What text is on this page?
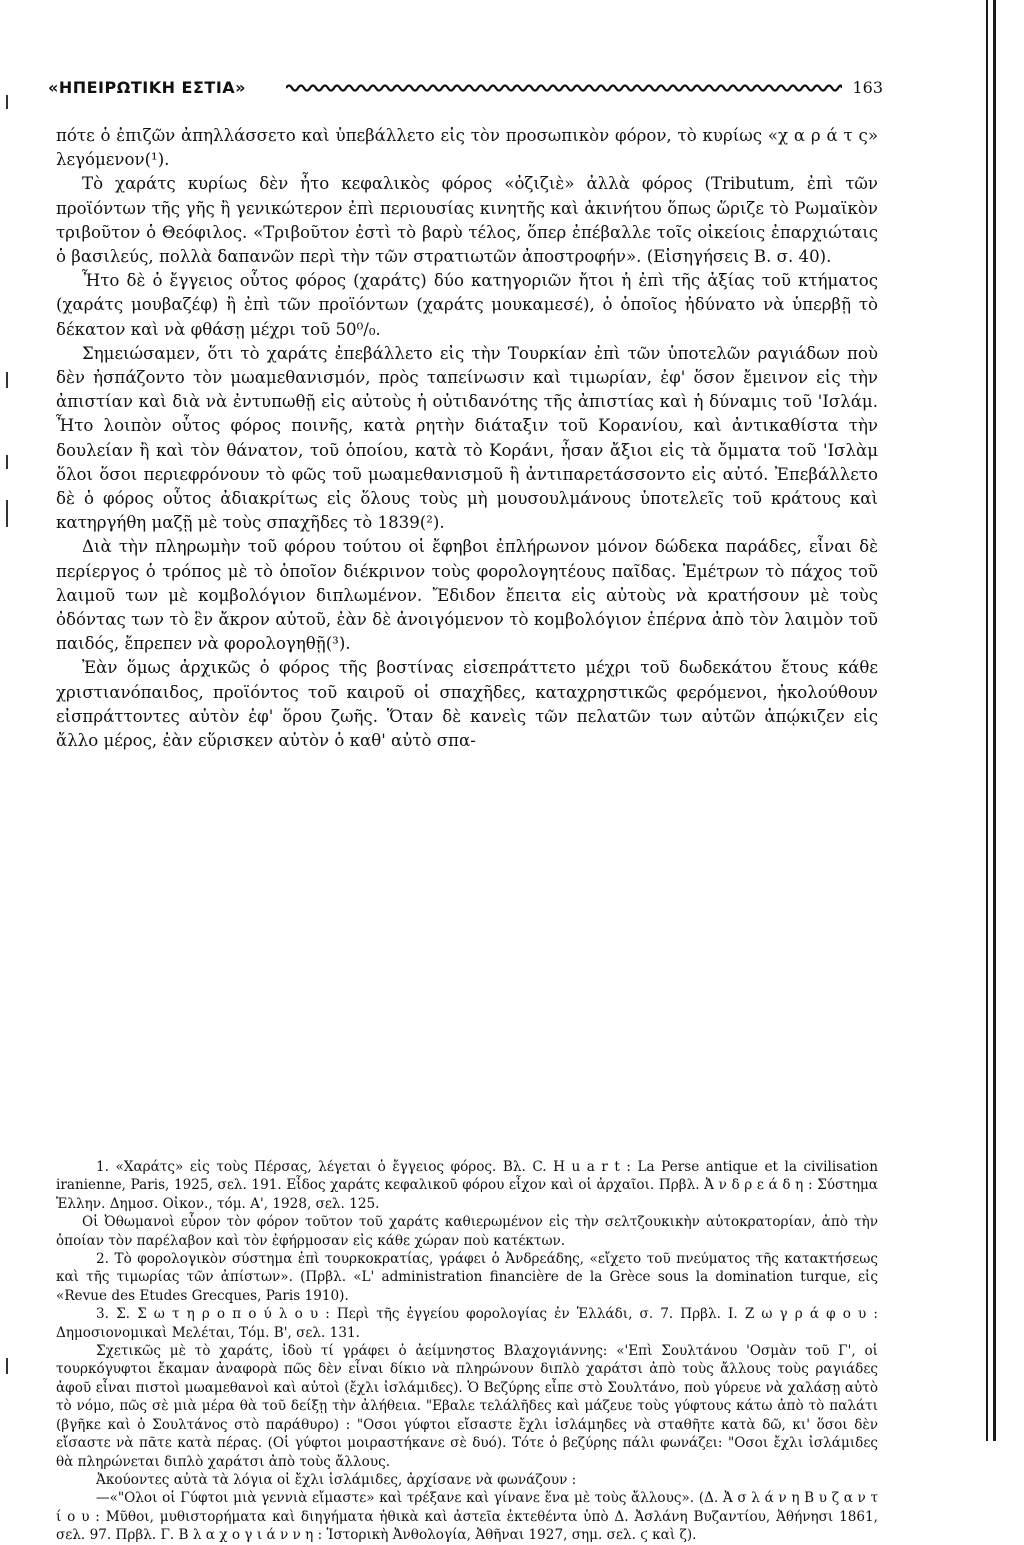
«ΗΠΕΙΡΩΤΙΚΗ ΕΣΤΙΑ»	163

πότε ὁ ἐπιζῶν ἀπηλλάσσετο καὶ ὑπεβάλλετο εἰς τὸν προσωπικὸν φόρον, τὸ κυρίως «χ α ρ ά τ ς» λεγόμενον(¹).

Τὸ χαράτς κυρίως δὲν ἦτο κεφαλικὸς φόρος «ὀζιζιὲ» ἀλλὰ φόρος (Tributum, ἐπὶ τῶν προϊόντων τῆς γῆς ἢ γενικώτερον ἐπὶ περιουσίας κινητῆς καὶ ἀκινήτου ὅπως ὥριζε τὸ Ρωμαϊκὸν τριβοῦτον ὁ Θεόφιλος. «Τριβοῦτον ἐστὶ τὸ βαρὺ τέλος, ὅπερ ἐπέβαλλε τοῖς οἰκείοις ἐπαρχιώταις ὁ βασιλεύς, πολλὰ δαπανῶν περὶ τὴν τῶν στρατιωτῶν ἀποστροφήν». (Εἰσηγήσεις Β. σ. 40).

Ἦτο δὲ ὁ ἔγγειος οὗτος φόρος (χαράτς) δύο κατηγοριῶν ἤτοι ἡ ἐπὶ τῆς ἀξίας τοῦ κτήματος (χαράτς μουβαζέφ) ἢ ἐπὶ τῶν προϊόντων (χαράτς μουκαμεσέ), ὁ ὁποῖος ἠδύνατο νὰ ὑπερβῇ τὸ δέκατον καὶ νὰ φθάσῃ μέχρι τοῦ 50⁰/₀.

Σημειώσαμεν, ὅτι τὸ χαράτς ἐπεβάλλετο εἰς τὴν Τουρκίαν ἐπὶ τῶν ὑποτελῶν ραγιάδων ποὺ δὲν ἠσπάζοντο τὸν μωαμεθανισμόν, πρὸς ταπείνωσιν καὶ τιμωρίαν, ἐφ' ὅσον ἔμεινον εἰς τὴν ἀπιστίαν καὶ διὰ νὰ ἐντυπωθῇ εἰς αὐτοὺς ἡ οὐτιδανότης τῆς ἀπιστίας καὶ ἡ δύναμις τοῦ 'Ισλάμ. Ἦτο λοιπὸν οὗτος φόρος ποινῆς, κατὰ ρητὴν διάταξιν τοῦ Κορανίου, καὶ ἀντικαθίστα τὴν δουλείαν ἢ καὶ τὸν θάνατον, τοῦ ὁποίου, κατὰ τὸ Κοράνι, ἦσαν ἄξιοι εἰς τὰ ὄμματα τοῦ 'Ισλὰμ ὅλοι ὅσοι περιεφρόνουν τὸ φῶς τοῦ μωαμεθανισμοῦ ἢ ἀντιπαρετάσσοντο εἰς αὐτό. Ἐπεβάλλετο δὲ ὁ φόρος οὗτος ἀδιακρίτως εἰς ὅλους τοὺς μὴ μουσουλμάνους ὑποτελεῖς τοῦ κράτους καὶ κατηργήθη μαζῇ μὲ τοὺς σπαχῆδες τὸ 1839(²).

Διὰ τὴν πληρωμὴν τοῦ φόρου τούτου οἱ ἔφηβοι ἐπλήρωνον μόνον δώδεκα παράδες, εἶναι δὲ περίεργος ὁ τρόπος μὲ τὸ ὁποῖον διέκρινον τοὺς φορολογητέους παῖδας. Ἐμέτρων τὸ πάχος τοῦ λαιμοῦ των μὲ κομβολόγιον διπλωμένον. Ἔδιδον ἔπειτα εἰς αὐτοὺς νὰ κρατήσουν μὲ τοὺς ὀδόντας των τὸ ἓν ἄκρον αὐτοῦ, ἐὰν δὲ ἀνοιγόμενον τὸ κομβολόγιον ἐπέρνα ἀπὸ τὸν λαιμὸν τοῦ παιδός, ἔπρεπεν νὰ φορολογηθῇ(³).

Ἐὰν ὅμως ἀρχικῶς ὁ φόρος τῆς βοστίνας εἰσεπράττετο μέχρι τοῦ δωδεκάτου ἔτους κάθε χριστιανόπαιδος, προϊόντος τοῦ καιροῦ οἱ σπαχῆδες, καταχρηστικῶς φερόμενοι, ἠκολούθουν εἰσπράττοντες αὐτὸν ἐφ' ὅρου ζωῆς. Ὅταν δὲ κανεὶς τῶν πελατῶν των αὐτῶν ἀπῴκιζεν εἰς ἄλλο μέρος, ἐὰν εὕρισκεν αὐτὸν ὁ καθ' αὐτὸ σπα-

1. «Χαράτς» εἰς τοὺς Πέρσας, λέγεται ὁ ἔγγειος φόρος. Βλ. C. H u a r t : La Perse antique et la civilisation iranienne, Paris, 1925, σελ. 191. Εἶδος χαράτς κεφαλικοῦ φόρου εἶχον καὶ οἱ ἀρχαῖοι. Πρβλ. Ἀ ν δ ρ ε ά δ η : Σύστημα Ἑλλην. Δημοσ. Οἰκον., τόμ. Α', 1928, σελ. 125.

Οἱ Ὀθωμανοὶ εὗρον τὸν φόρον τοῦτον τοῦ χαράτς καθιερωμένον εἰς τὴν σελτζουκικὴν αὐτοκρατορίαν, ἀπὸ τὴν ὁποίαν τὸν παρέλαβον καὶ τὸν ἐφήρμοσαν εἰς κάθε χώραν ποὺ κατέκτων.

2. Τὸ φορολογικὸν σύστημα ἐπὶ τουρκοκρατίας, γράφει ὁ Ἀνδρεάδης, «εἴχετο τοῦ πνεύματος τῆς κατακτήσεως καὶ τῆς τιμωρίας τῶν ἀπίστων». (Πρβλ. «L' administration financière de la Grèce sous la domination turque, εἰς «Revue des Etudes Grecques, Paris 1910).

3. Σ. Σ ω τ η ρ ο π ο ύ λ ο υ : Περὶ τῆς ἐγγείου φορολογίας ἐν Ἑλλάδι, σ. 7. Πρβλ. I. Ζ ω γ ρ ά φ ο υ : Δημοσιονομικαὶ Μελέται, Τόμ. Β', σελ. 131.

Σχετικῶς μὲ τὸ χαράτς, ἰδοὺ τί γράφει ὁ ἀείμνηστος Βλαχογιάννης: «'Επὶ Σουλτάνου 'Οσμὰν τοῦ Γ', οἱ τουρκόγυφτοι ἔκαμαν ἀναφορὰ πῶς δὲν εἶναι δίκιο νὰ πληρώνουν διπλὸ χαράτσι ἀπὸ τοὺς ἄλλους τοὺς ραγιάδες ἀφοῦ εἶναι πιστοὶ μωαμεθανοὶ καὶ αὐτοὶ (ἔχλι ἰσλάμιδες). Ὁ Βεζύρης εἶπε στὸ Σουλτάνο, ποὺ γύρευε νὰ χαλάσῃ αὐτὸ τὸ νόμο, πῶς σὲ μιὰ μέρα θὰ τοῦ δείξῃ τὴν ἀλήθεια. "Εβαλε τελάλῆδες καὶ μάζευε τοὺς γύφτους κάτω ἀπὸ τὸ παλάτι (βγῆκε καὶ ὁ Σουλτάνος στὸ παράθυρο) : "Οσοι γύφτοι εἴσαστε ἔχλι ἰσλάμηδες νὰ σταθῆτε κατὰ δῶ, κι' ὅσοι δὲν εἴσαστε νὰ πᾶτε κατὰ πέρας. (Οἱ γύφτοι μοιραστήκανε σὲ δυό). Τότε ὁ βεζύρης πάλι φωνάζει: "Οσοι ἔχλι ἰσλάμιδες θὰ πληρώνεται διπλὸ χαράτσι ἀπὸ τοὺς ἄλλους.

Ἀκούοντες αὐτὰ τὰ λόγια οἱ ἔχλι ἰσλάμιδες, ἀρχίσανε νὰ φωνάζουν :

—«"Ολοι οἱ Γύφτοι μιὰ γεννιὰ εἴμαστε» καὶ τρέξανε καὶ γίνανε ἕνα μὲ τοὺς ἄλλους». (Δ. Ἀ σ λ ά ν η Β υ ζ α ν τ ί ο υ : Μῦθοι, μυθιστορήματα καὶ διηγήματα ἠθικὰ καὶ ἀστεῖα ἐκτεθέντα ὑπὸ Δ. Ἀσλάνη Βυζαντίου, Ἀθήνησι 1861, σελ. 97. Πρβλ. Γ. Β λ α χ ο γ ι ά ν ν η : Ἱστορικὴ Ἀνθολογία, Ἀθῆναι 1927, σημ. σελ. ϛ καὶ ζ).
